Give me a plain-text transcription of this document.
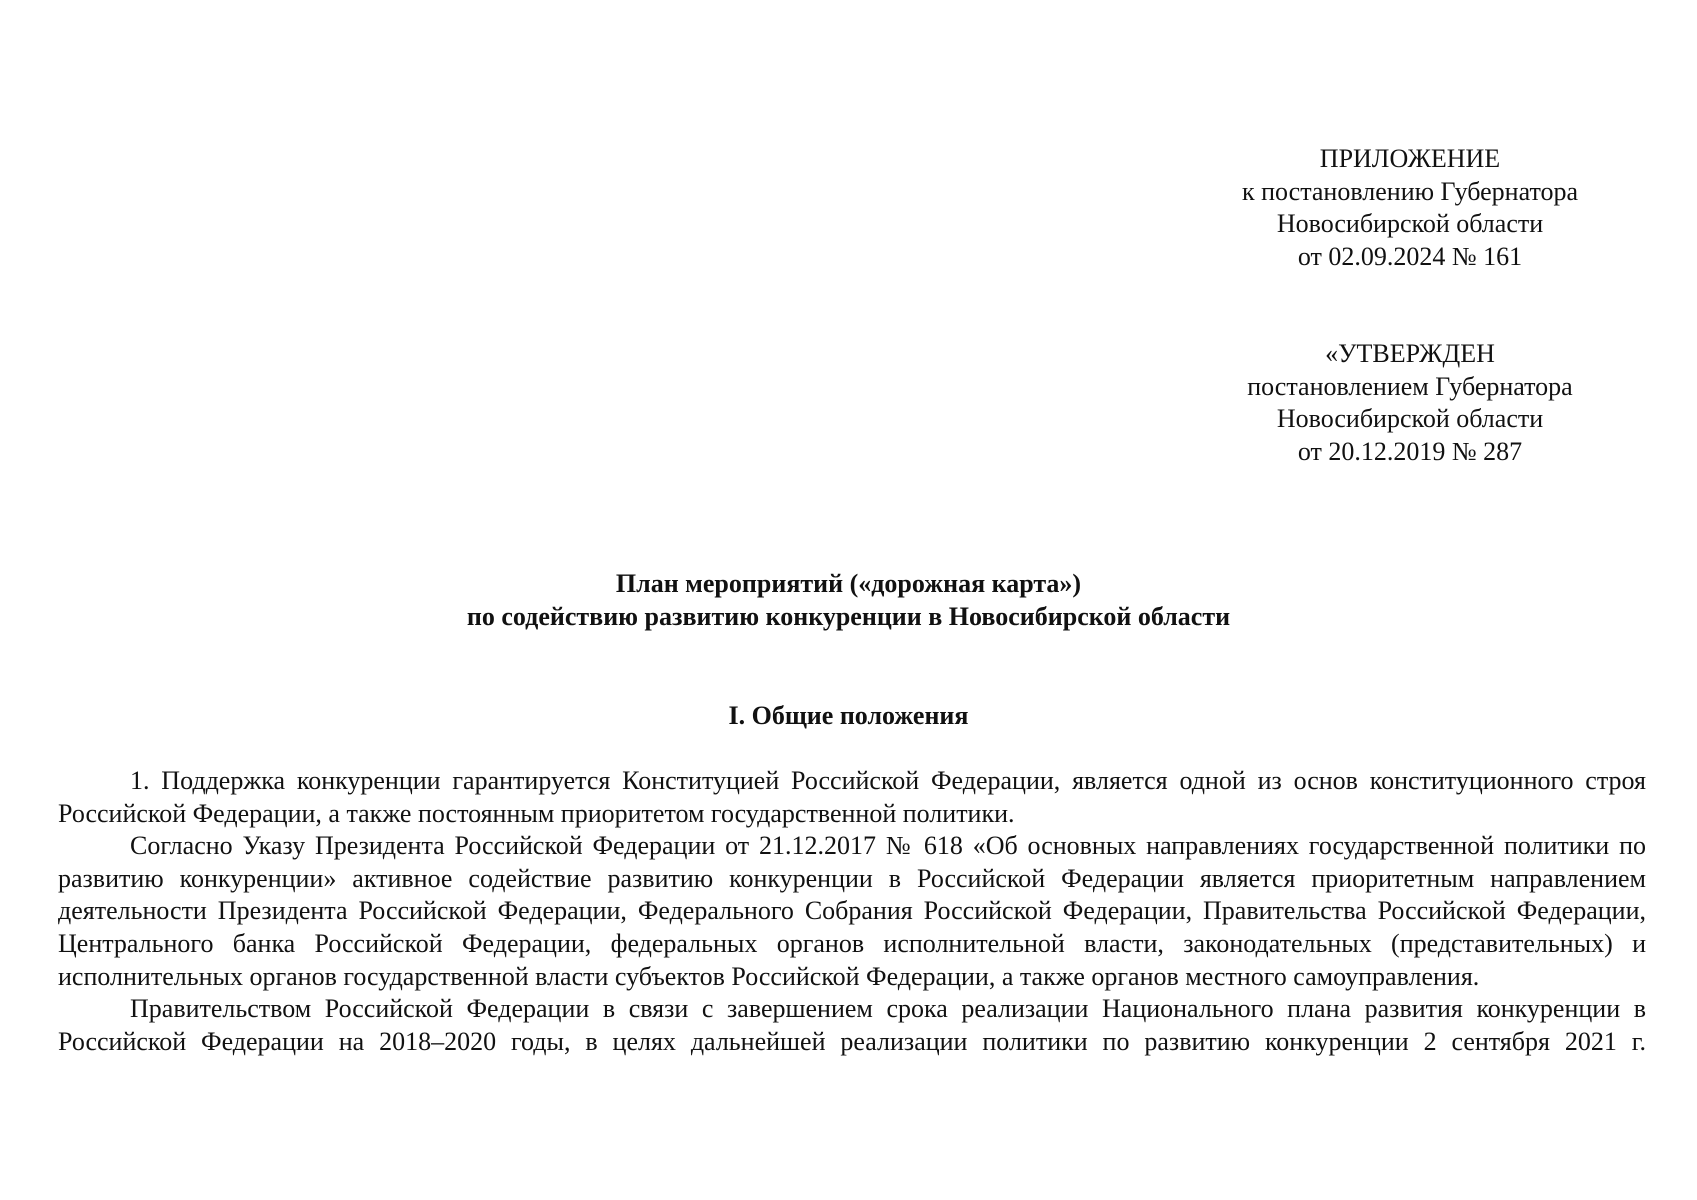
ПРИЛОЖЕНИЕ
к постановлению Губернатора
Новосибирской области
от 02.09.2024 № 161
«УТВЕРЖДЕН
постановлением Губернатора
Новосибирской области
от 20.12.2019 № 287
План мероприятий («дорожная карта»)
по содействию развитию конкуренции в Новосибирской области
I. Общие положения

1. Поддержка конкуренции гарантируется Конституцией Российской Федерации, является одной из основ конституционного строя Российской Федерации, а также постоянным приоритетом государственной политики.

Согласно Указу Президента Российской Федерации от 21.12.2017 № 618 «Об основных направлениях государственной политики по развитию конкуренции» активное содействие развитию конкуренции в Российской Федерации является приоритетным направлением деятельности Президента Российской Федерации, Федерального Собрания Российской Федерации, Правительства Российской Федерации, Центрального банка Российской Федерации, федеральных органов исполнительной власти, законодательных (представительных) и исполнительных органов государственной власти субъектов Российской Федерации, а также органов местного самоуправления.

Правительством Российской Федерации в связи с завершением срока реализации Национального плана развития конкуренции в Российской Федерации на 2018–2020 годы, в целях дальнейшей реализации политики по развитию конкуренции 2 сентября 2021 г.
